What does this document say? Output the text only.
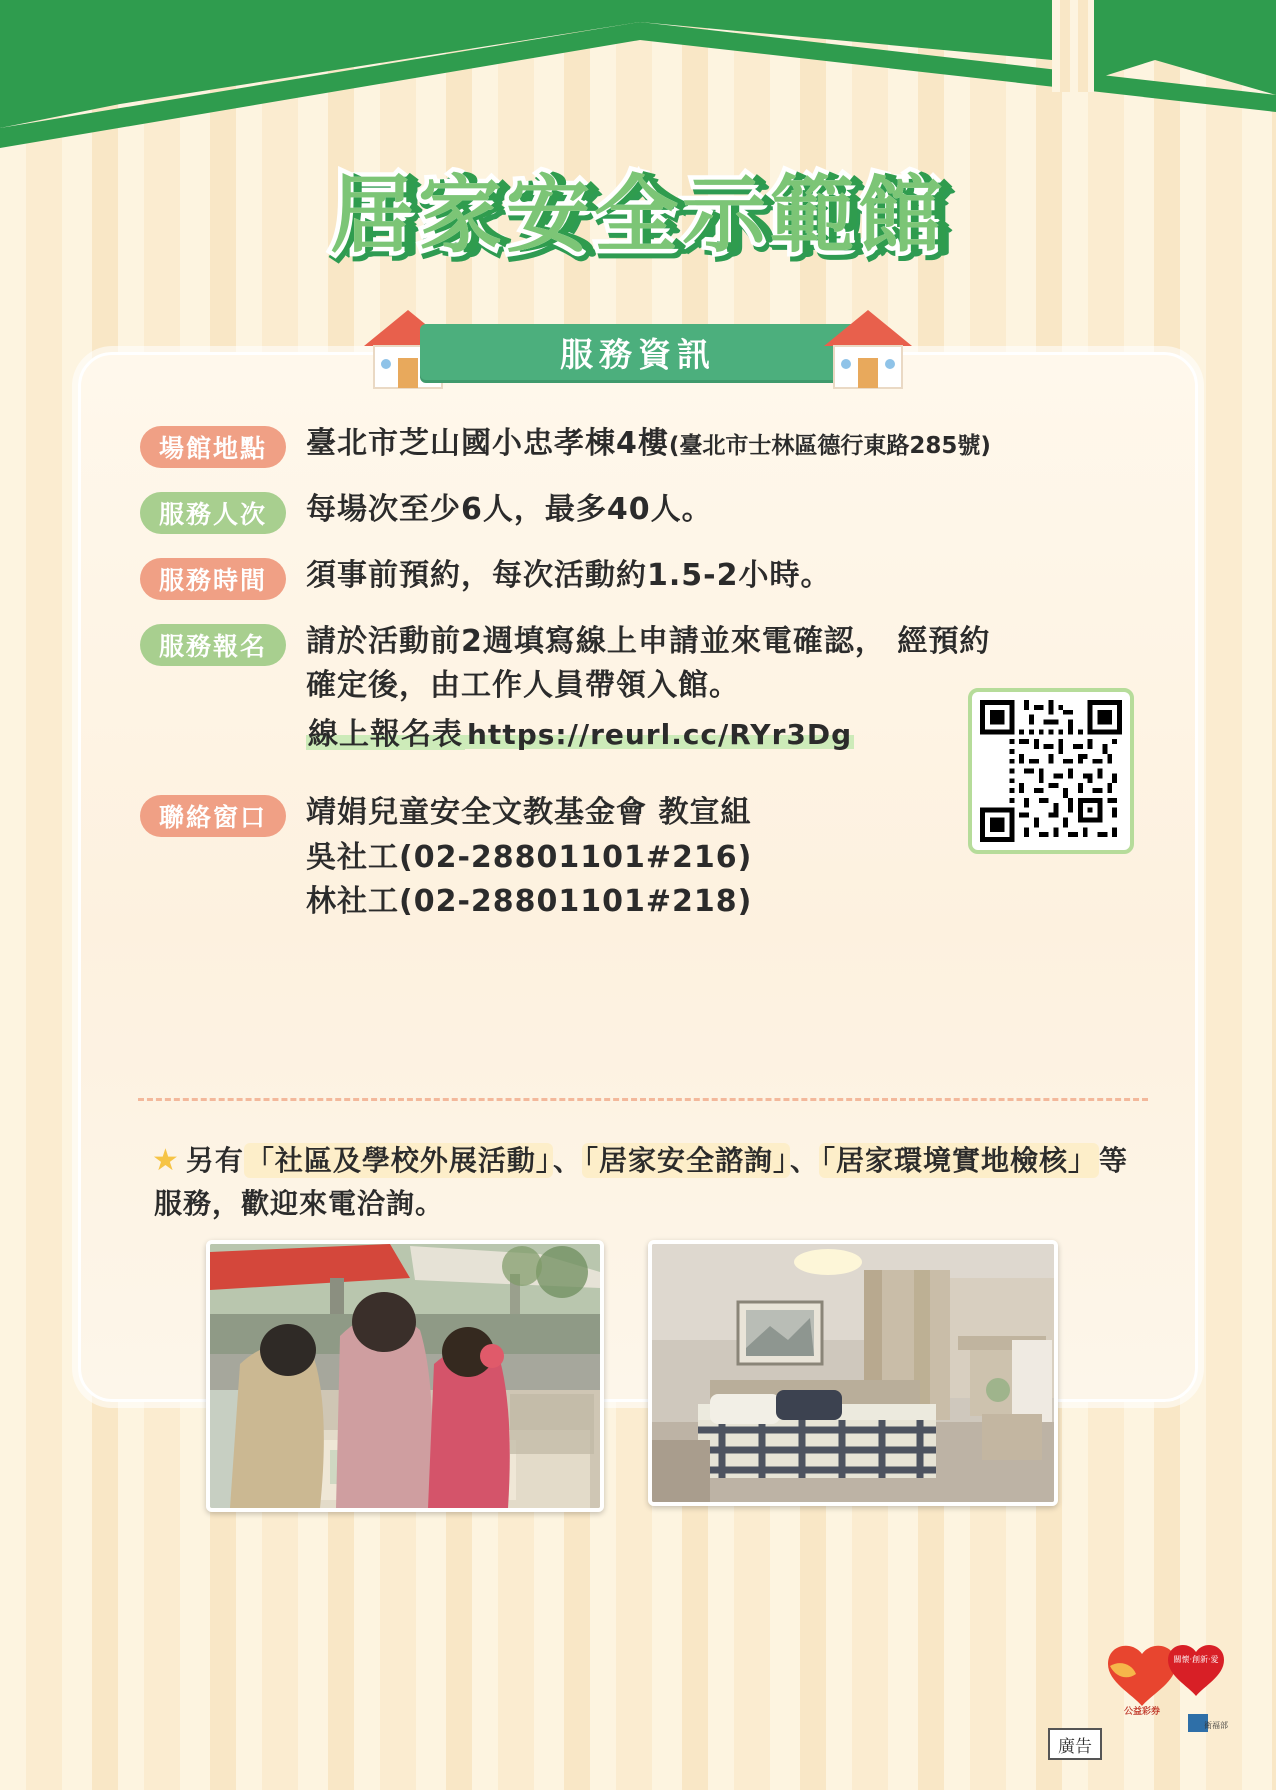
居家安全示範館
服務資訊
場館地點	臺北市芝山國小忠孝棟4樓(臺北市士林區德行東路285號)
服務人次	每場次至少6人，最多40人。
服務時間	須事前預約，每次活動約1.5-2小時。
服務報名	請於活動前2週填寫線上申請並來電確認， 經預約
確定後，由工作人員帶領入館。
線上報名表 https://reurl.cc/RYr3Dg
聯絡窗口	靖娟兒童安全文教基金會 教宣組
吳社工(02-28801101#216)
林社工(02-28801101#218)
★ 另有「社區及學校外展活動」、「居家安全諮詢」、「居家環境實地檢核」等
服務，歡迎來電洽詢。
公益彩券
關懷·創新·愛
衛福部
廣告
